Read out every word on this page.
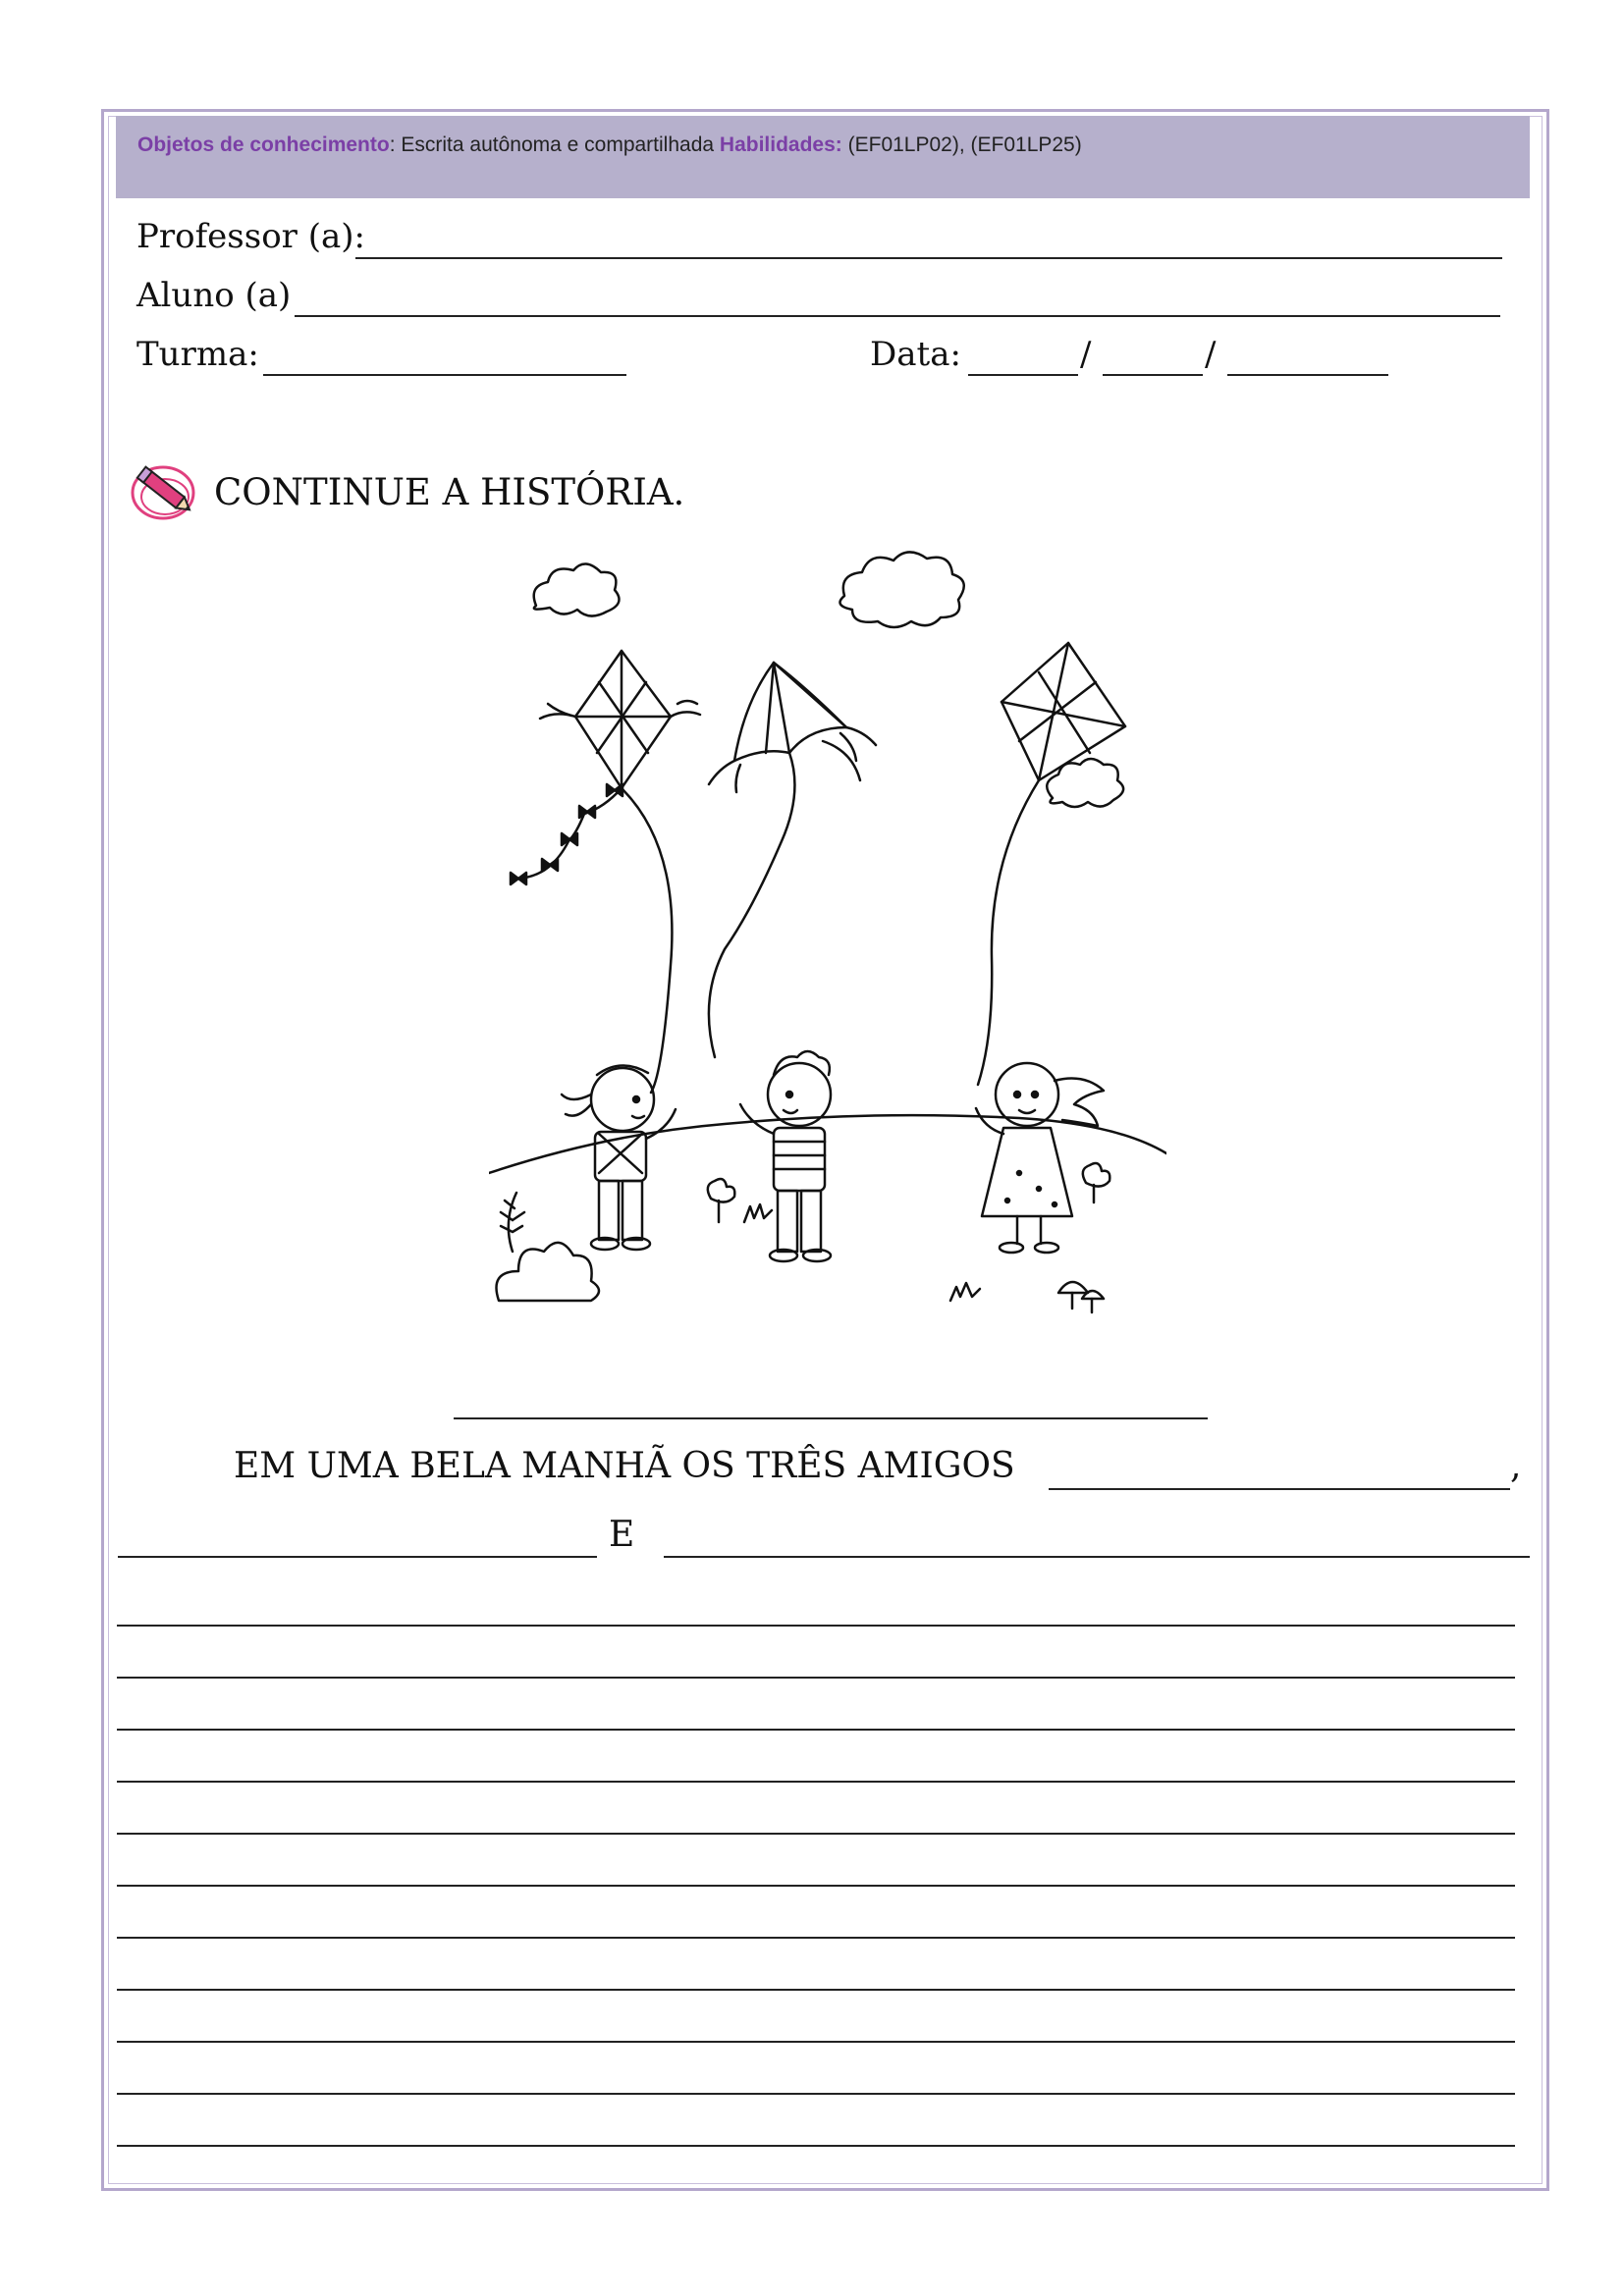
Objetos de conhecimento: Escrita autônoma e compartilhada Habilidades: (EF01LP02), (EF01LP25)
Professor (a):
Aluno (a)
Turma:	Data:	/	/
CONTINUE A HISTÓRIA.
EM UMA BELA MANHÃ OS TRÊS AMIGOS	,
E
